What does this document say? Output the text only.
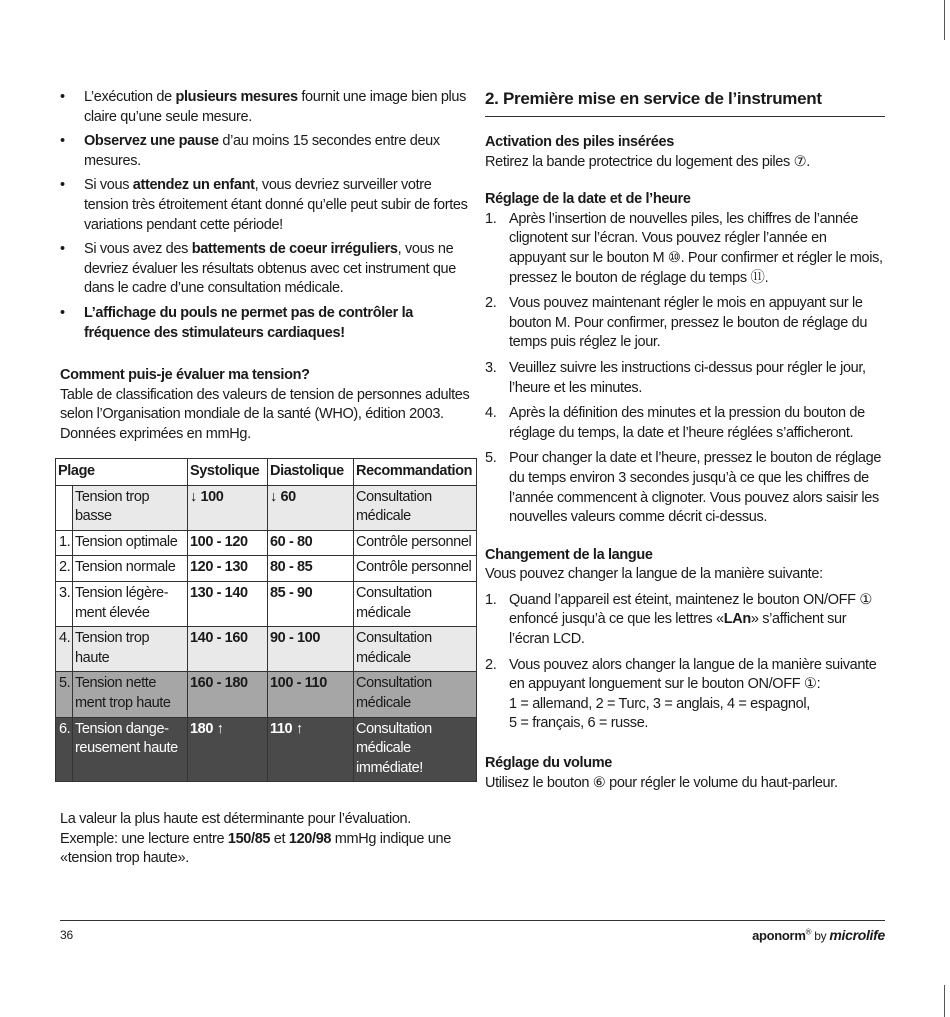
• L’exécution de plusieurs mesures fournit une image bien plus claire qu’une seule mesure.
• Observez une pause d’au moins 15 secondes entre deux mesures.
• Si vous attendez un enfant, vous devriez surveiller votre tension très étroitement étant donné qu’elle peut subir de fortes variations pendant cette période!
• Si vous avez des battements de coeur irréguliers, vous ne devriez évaluer les résultats obtenus avec cet instrument que dans le cadre d’une consultation médicale.
• L’affichage du pouls ne permet pas de contrôler la fréquence des stimulateurs cardiaques!
Comment puis-je évaluer ma tension?
Table de classification des valeurs de tension de personnes adultes selon l’Organisation mondiale de la santé (WHO), édition 2003. Données exprimées en mmHg.
Plage		Systolique	Diastolique	Recommandation
	Tension trop basse	↓ 100	↓ 60	Consultation médicale
1.	Tension optimale	100 - 120	60 - 80	Contrôle personnel
2.	Tension normale	120 - 130	80 - 85	Contrôle personnel
3.	Tension légère-ment élevée	130 - 140	85 - 90	Consultation médicale
4.	Tension trop haute	140 - 160	90 - 100	Consultation médicale
5.	Tension nette ment trop haute	160 - 180	100 - 110	Consultation médicale
6.	Tension dange-reusement haute	180 ↑	110 ↑	Consultation médicale immédiate!
La valeur la plus haute est déterminante pour l’évaluation.
Exemple: une lecture entre 150/85 et 120/98 mmHg indique une «tension trop haute».
2. Première mise en service de l’instrument
Activation des piles insérées
Retirez la bande protectrice du logement des piles ⑦.
Réglage de la date et de l’heure
1. Après l’insertion de nouvelles piles, les chiffres de l’année clignotent sur l’écran. Vous pouvez régler l’année en appuyant sur le bouton M ⑩. Pour confirmer et régler le mois, pressez le bouton de réglage du temps ⑪.
2. Vous pouvez maintenant régler le mois en appuyant sur le bouton M. Pour confirmer, pressez le bouton de réglage du temps puis réglez le jour.
3. Veuillez suivre les instructions ci-dessus pour régler le jour, l’heure et les minutes.
4. Après la définition des minutes et la pression du bouton de réglage du temps, la date et l’heure réglées s’afficheront.
5. Pour changer la date et l’heure, pressez le bouton de réglage du temps environ 3 secondes jusqu’à ce que les chiffres de l’année commencent à clignoter. Vous pouvez alors saisir les nouvelles valeurs comme décrit ci-dessus.
Changement de la langue
Vous pouvez changer la langue de la manière suivante:
1. Quand l’appareil est éteint, maintenez le bouton ON/OFF ① enfoncé jusqu’à ce que les lettres «LAn» s’affichent sur l’écran LCD.
2. Vous pouvez alors changer la langue de la manière suivante en appuyant longuement sur le bouton ON/OFF ①:
1 = allemand, 2 = Turc, 3 = anglais, 4 = espagnol,
5 = français, 6 = russe.
Réglage du volume
Utilisez le bouton ⑥ pour régler le volume du haut-parleur.
36	aponorm® by microlife
